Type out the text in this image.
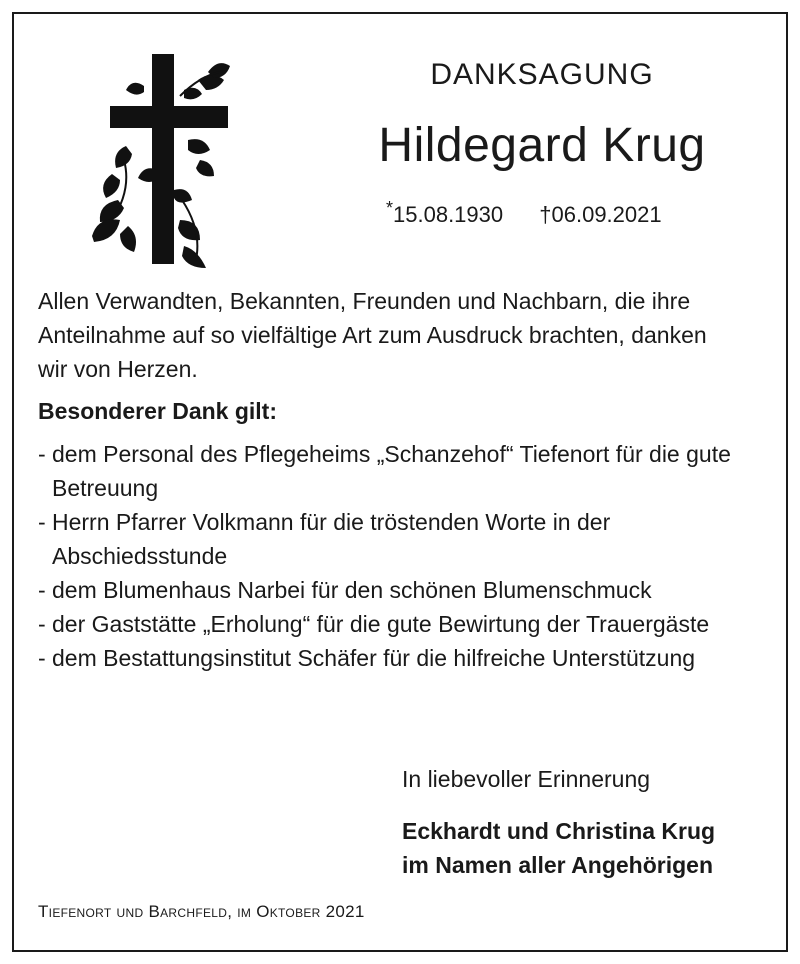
DANKSAGUNG
Hildegard Krug
*15.08.1930 †06.09.2021

Allen Verwandten, Bekannten, Freunden und Nachbarn, die ihre Anteilnahme auf so vielfältige Art zum Ausdruck brachten, danken wir von Herzen.

Besonderer Dank gilt:

- dem Personal des Pflegeheims „Schanzehof“ Tiefenort für die gute Betreuung
- Herrn Pfarrer Volkmann für die tröstenden Worte in der Abschiedsstunde
- dem Blumenhaus Narbei für den schönen Blumenschmuck
- der Gaststätte „Erholung“ für die gute Bewirtung der Trauergäste
- dem Bestattungsinstitut Schäfer für die hilfreiche Unterstützung

In liebevoller Erinnerung

Eckhardt und Christina Krug
im Namen aller Angehörigen

Tiefenort und Barchfeld, im Oktober 2021
